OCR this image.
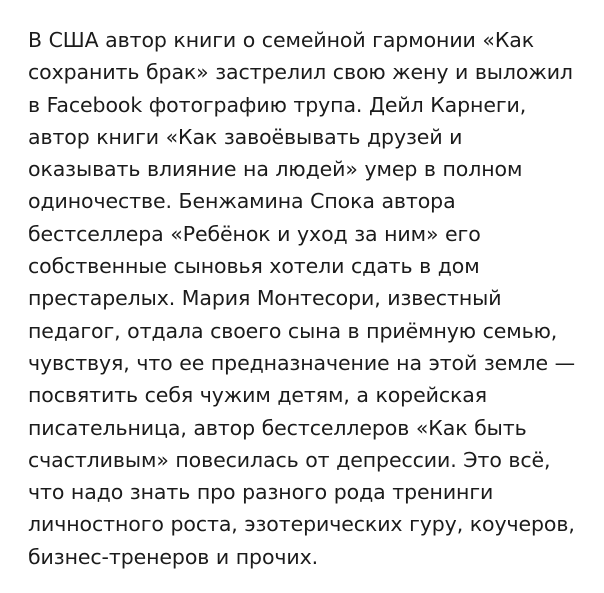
В США автор книги о семейной гармонии «Как сохранить брак» застрелил свою жену и выложил в Facebook фотографию трупа. Дейл Карнеги, автор книги «Как завоёвывать друзей и оказывать влияние на людей» умер в полном одиночестве. Бенжамина Спока автора бестселлера «Ребёнок и уход за ним» его собственные сыновья хотели сдать в дом престарелых. Мария Монтесори, известный педагог, отдала своего сына в приёмную семью, чувствуя, что ее предназначение на этой земле — посвятить себя чужим детям, а корейская писательница, автор бестселлеров «Как быть счастливым» повесилась от депрессии. Это всё, что надо знать про разного рода тренинги личностного роста, эзотерических гуру, коучеров, бизнес-тренеров и прочих.
